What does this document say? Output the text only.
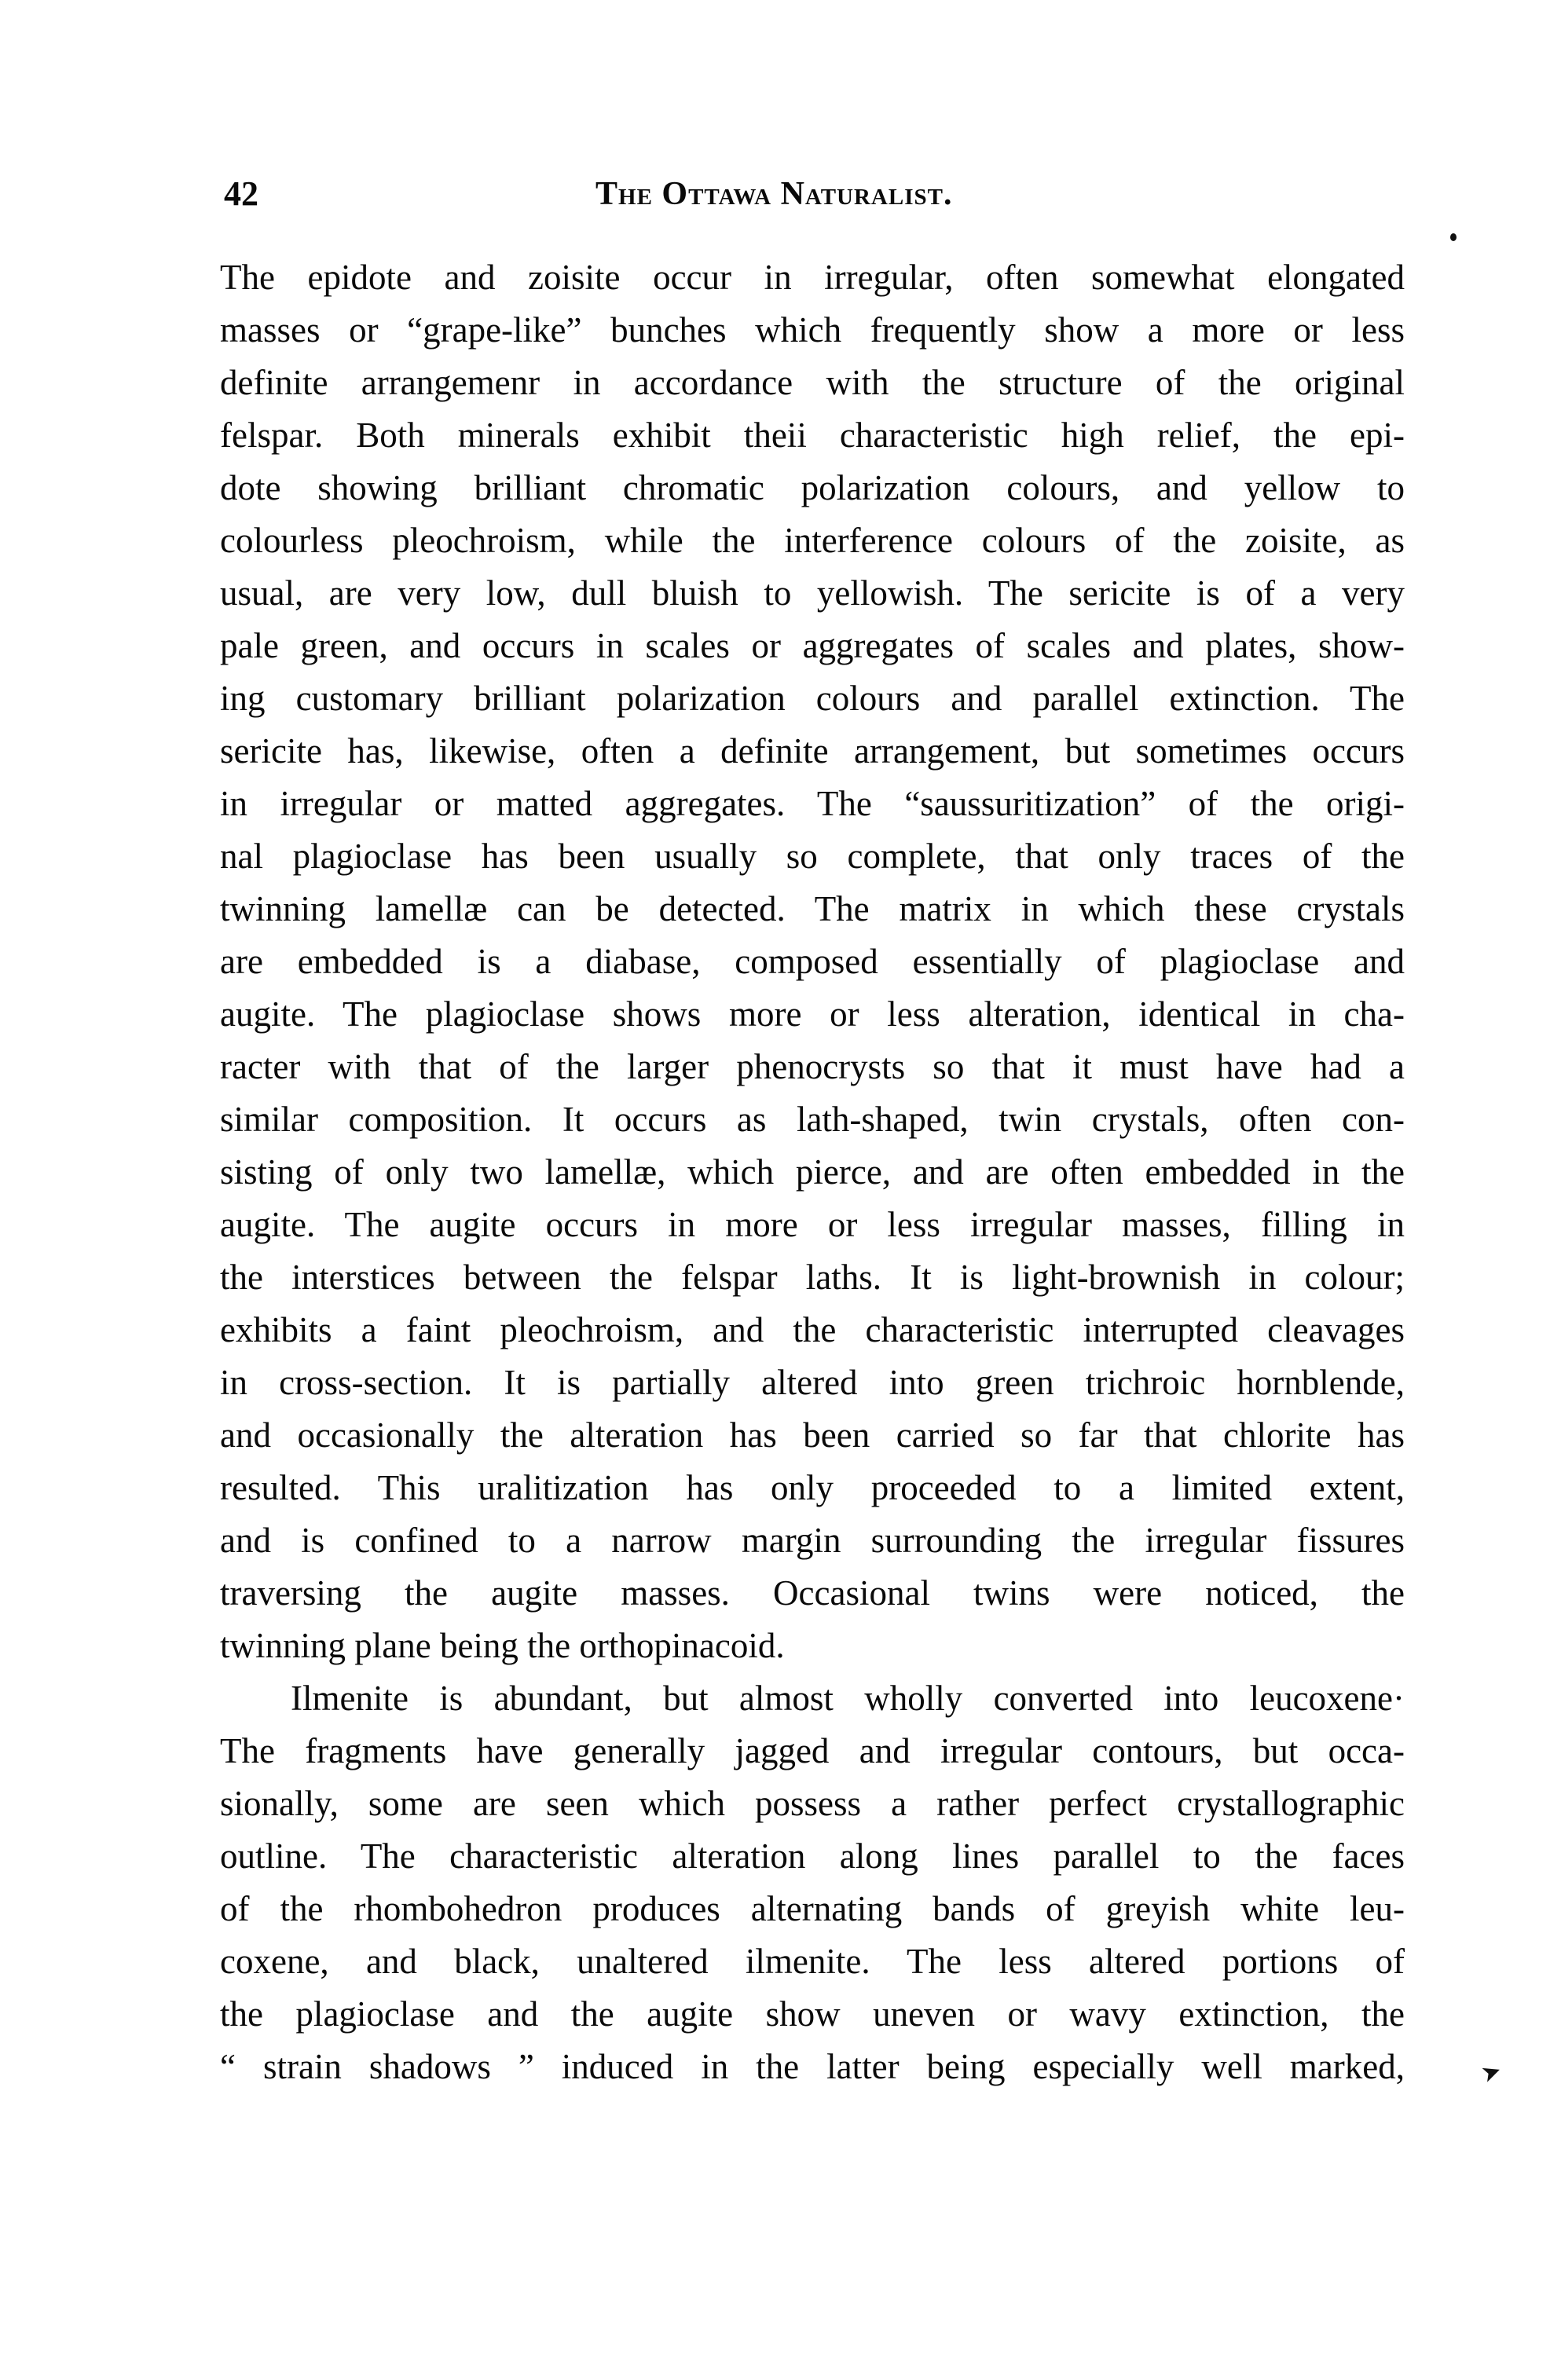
42	The Ottawa Naturalist.
The epidote and zoisite occur in irregular, often somewhat elongated
masses or “grape-like” bunches which frequently show a more or less
definite arrangemenr in accordance with the structure of the original
felspar. Both minerals exhibit theii characteristic high relief, the epi-
dote showing brilliant chromatic polarization colours, and yellow to
colourless pleochroism, while the interference colours of the zoisite, as
usual, are very low, dull bluish to yellowish. The sericite is of a very
pale green, and occurs in scales or aggregates of scales and plates, show-
ing customary brilliant polarization colours and parallel extinction. The
sericite has, likewise, often a definite arrangement, but sometimes occurs
in irregular or matted aggregates. The “saussuritization” of the origi-
nal plagioclase has been usually so complete, that only traces of the
twinning lamellæ can be detected. The matrix in which these crystals
are embedded is a diabase, composed essentially of plagioclase and
augite. The plagioclase shows more or less alteration, identical in cha-
racter with that of the larger phenocrysts so that it must have had a
similar composition. It occurs as lath-shaped, twin crystals, often con-
sisting of only two lamellæ, which pierce, and are often embedded in the
augite. The augite occurs in more or less irregular masses, filling in
the interstices between the felspar laths. It is light-brownish in colour;
exhibits a faint pleochroism, and the characteristic interrupted cleavages
in cross-section. It is partially altered into green trichroic hornblende,
and occasionally the alteration has been carried so far that chlorite has
resulted. This uralitization has only proceeded to a limited extent,
and is confined to a narrow margin surrounding the irregular fissures
traversing the augite masses. Occasional twins were noticed, the
twinning plane being the orthopinacoid.
Ilmenite is abundant, but almost wholly converted into leucoxene·
The fragments have generally jagged and irregular contours, but occa-
sionally, some are seen which possess a rather perfect crystallographic
outline. The characteristic alteration along lines parallel to the faces
of the rhombohedron produces alternating bands of greyish white leu-
coxene, and black, unaltered ilmenite. The less altered portions of
the plagioclase and the augite show uneven or wavy extinction, the
“ strain shadows ” induced in the latter being especially well marked,	➤
